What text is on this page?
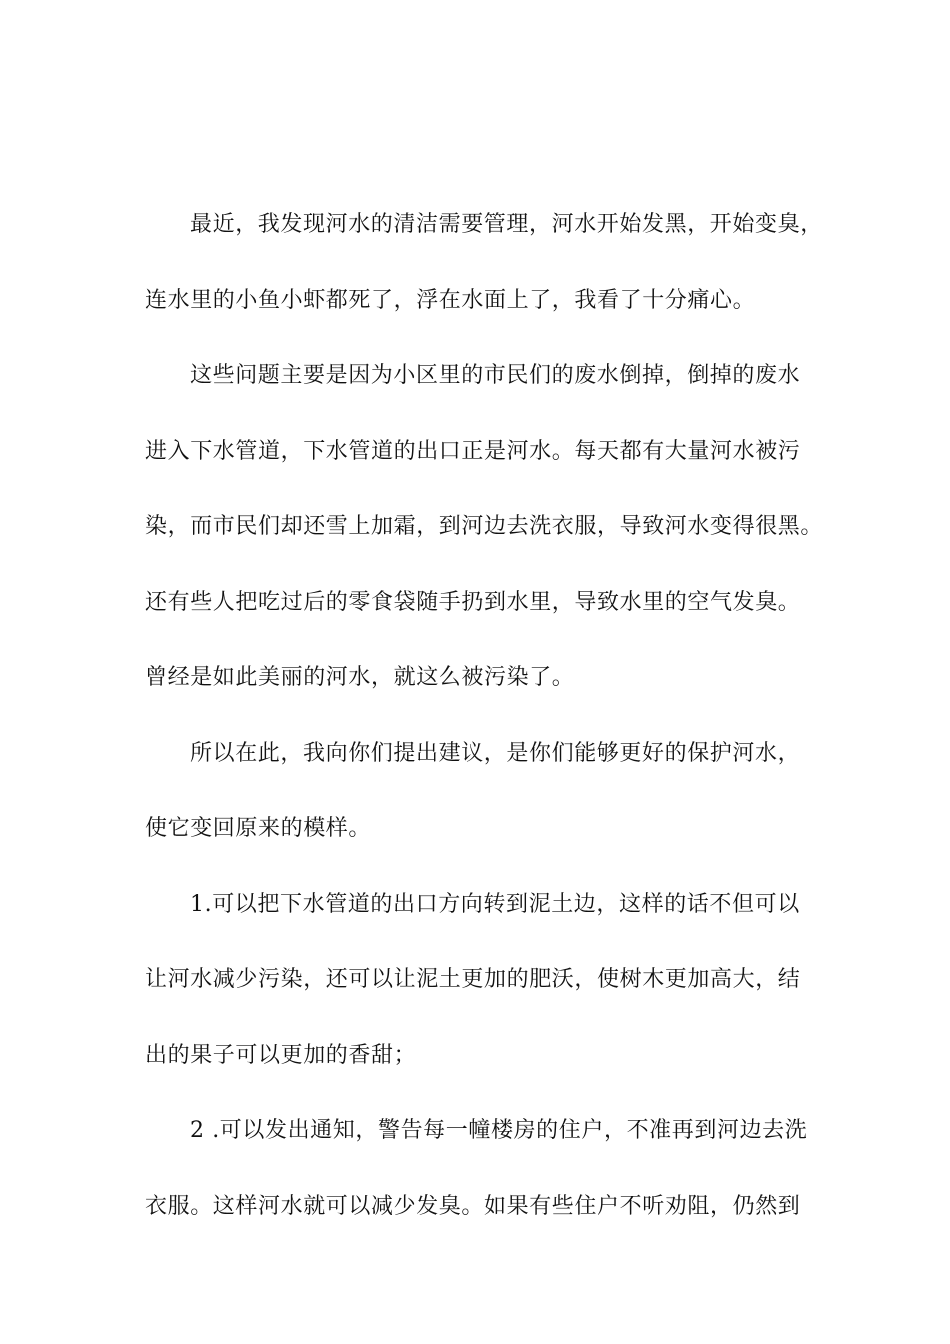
最近，我发现河水的清洁需要管理，河水开始发黑，开始变臭，
连水里的小鱼小虾都死了，浮在水面上了，我看了十分痛心。
这些问题主要是因为小区里的市民们的废水倒掉，倒掉的废水
进入下水管道，下水管道的出口正是河水。每天都有大量河水被污
染，而市民们却还雪上加霜，到河边去洗衣服，导致河水变得很黑。
还有些人把吃过后的零食袋随手扔到水里，导致水里的空气发臭。
曾经是如此美丽的河水，就这么被污染了。
所以在此，我向你们提出建议，是你们能够更好的保护河水，
使它变回原来的模样。
1.可以把下水管道的出口方向转到泥土边，这样的话不但可以
让河水减少污染，还可以让泥土更加的肥沃，使树木更加高大，结
出的果子可以更加的香甜；
2 .可以发出通知，警告每一幢楼房的住户，不准再到河边去洗
衣服。这样河水就可以减少发臭。如果有些住户不听劝阻，仍然到
